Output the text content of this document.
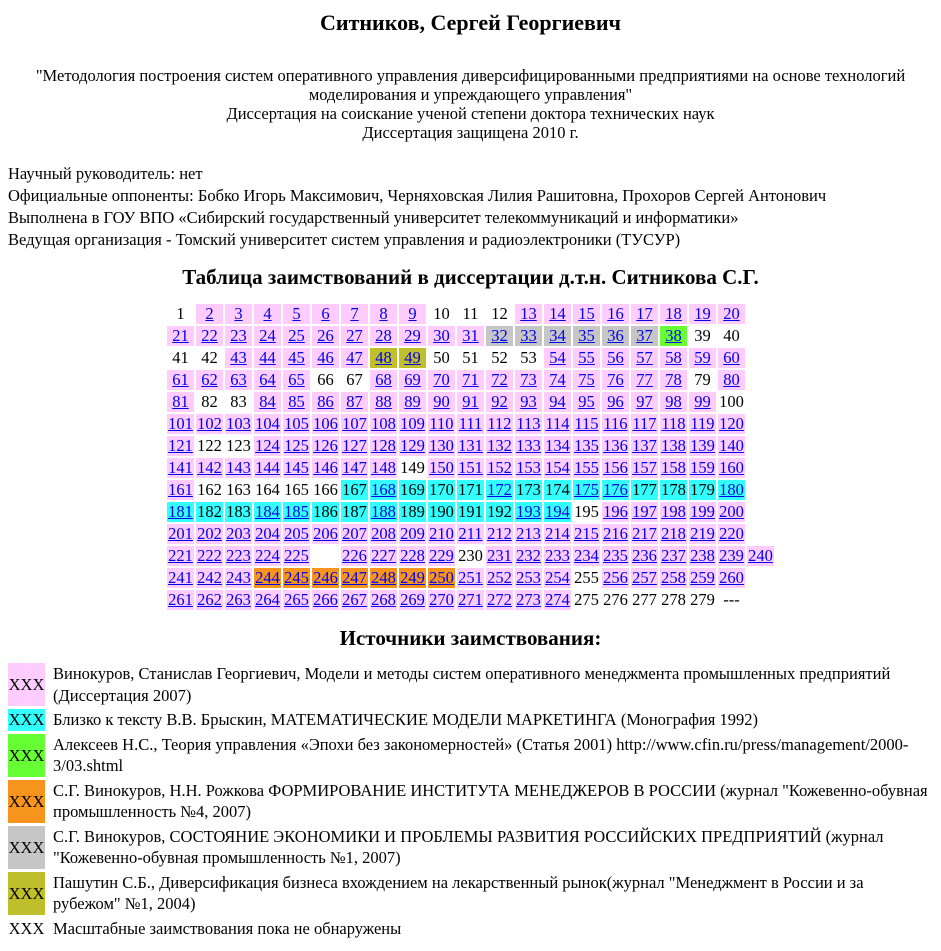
Ситников, Сергей Георгиевич
"Методология построения систем оперативного управления диверсифицированными предприятиями на основе технологий моделирования и упреждающего управления"
Диссертация на соискание ученой степени доктора технических наук
Диссертация защищена 2010 г.
Научный руководитель: нет
Официальные оппоненты: Бобко Игорь Максимович, Черняховская Лилия Рашитовна, Прохоров Сергей Антонович
Выполнена в ГОУ ВПО «Сибирский государственный университет телекоммуникаций и информатики»
Ведущая организация - Томский университет систем управления и радиоэлектроники (ТУСУР)
Таблица заимствований в диссертации д.т.н. Ситникова С.Г.
1	2	3	4	5	6	7	8	9	10	11	12	13	14	15	16	17	18	19	20	
21	22	23	24	25	26	27	28	29	30	31	32	33	34	35	36	37	38	39	40	
41	42	43	44	45	46	47	48	49	50	51	52	53	54	55	56	57	58	59	60	
61	62	63	64	65	66	67	68	69	70	71	72	73	74	75	76	77	78	79	80	
81	82	83	84	85	86	87	88	89	90	91	92	93	94	95	96	97	98	99	100	
101	102	103	104	105	106	107	108	109	110	111	112	113	114	115	116	117	118	119	120	
121	122	123	124	125	126	127	128	129	130	131	132	133	134	135	136	137	138	139	140	
141	142	143	144	145	146	147	148	149	150	151	152	153	154	155	156	157	158	159	160	
161	162	163	164	165	166	167	168	169	170	171	172	173	174	175	176	177	178	179	180	
181	182	183	184	185	186	187	188	189	190	191	192	193	194	195	196	197	198	199	200	
201	202	203	204	205	206	207	208	209	210	211	212	213	214	215	216	217	218	219	220	
221	222	223	224	225		226	227	228	229	230	231	232	233	234	235	236	237	238	239	240
241	242	243	244	245	246	247	248	249	250	251	252	253	254	255	256	257	258	259	260	
261	262	263	264	265	266	267	268	269	270	271	272	273	274	275	276	277	278	279	---	
Источники заимствования:
XXX
Винокуров, Станислав Георгиевич, Модели и методы систем оперативного менеджмента промышленных предприятий (Диссертация 2007)
XXX Близко к тексту В.В. Брыскин, МАТЕМАТИЧЕСКИЕ МОДЕЛИ МАРКЕТИНГА (Монография 1992)
XXX
Алексеев Н.С., Теория управления «Эпохи без закономерностей» (Статья 2001) http://www.cfin.ru/press/management/2000-3/03.shtml
XXX
С.Г. Винокуров, Н.Н. Рожкова ФОРМИРОВАНИЕ ИНСТИТУТА МЕНЕДЖЕРОВ В РОССИИ (журнал "Кожевенно-обувная промышленность №4, 2007)
XXX
С.Г. Винокуров, СОСТОЯНИЕ ЭКОНОМИКИ И ПРОБЛЕМЫ РАЗВИТИЯ РОССИЙСКИХ ПРЕДПРИЯТИЙ (журнал "Кожевенно-обувная промышленность №1, 2007)
XXX
Пашутин С.Б., Диверсификация бизнеса вхождением на лекарственный рынок(журнал "Менеджмент в России и за рубежом" №1, 2004)
XXX Масштабные заимствования пока не обнаружены
